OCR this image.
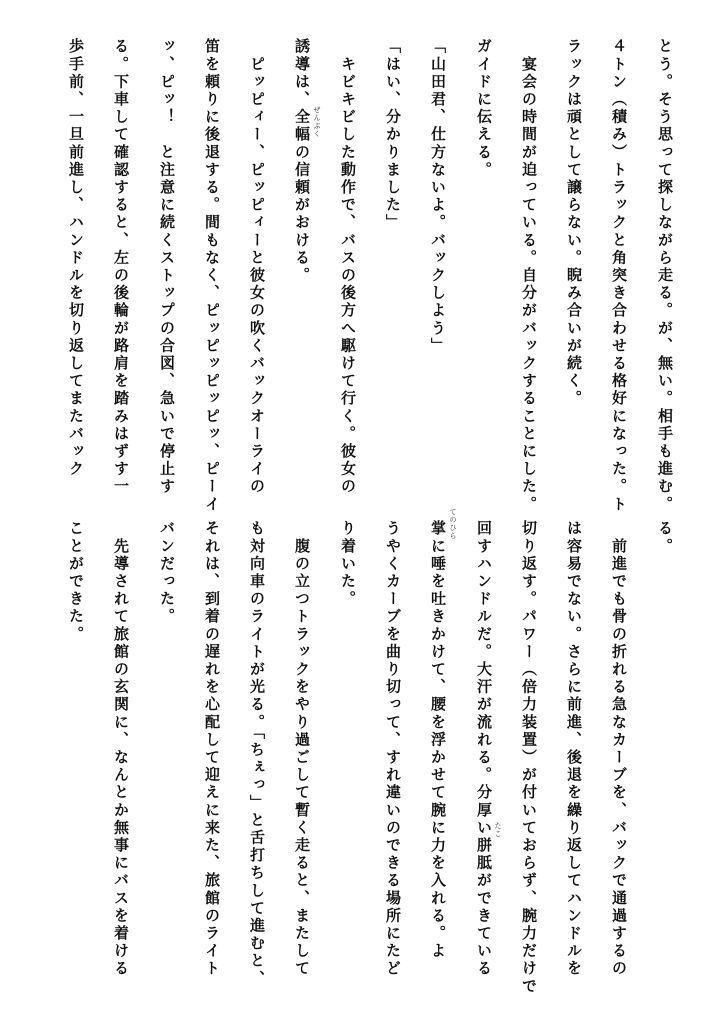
とう。そう思って探しながら走る。が、無い。相手も進む。
４トン（積み）トラックと角突き合わせる格好になった。ト
ラックは頑として譲らない。睨み合いが続く。
　宴会の時間が迫っている。自分がバックすることにした。
ガイドに伝える。
「山田君、仕方ないよ。バックしよう」
「はい、分かりました」
　キビキビした動作で、バスの後方へ駆けて行く。彼女の
誘導は、全幅の信頼がおける。 ぜんぷく
　ピッピィー、ピッピィーと彼女の吹くバックオーライの
笛を頼りに後退する。間もなく、ピッピッピッピッ、ピーイ
ッ、ピッ！　と注意に続くストップの合図、急いで停止す
る。下車して確認すると、左の後輪が路肩を踏みはずす一
歩手前、一旦前進し、ハンドルを切り返してまたバック
る。
　前進でも骨の折れる急なカーブを、バックで通過するの
は容易でない。さらに前進、後退を繰り返してハンドルを
切り返す。パワー（倍力装置）が付いておらず、腕力だけで
回すハンドルだ。大汗が流れる。分厚い胼胝ができている たこ
掌に唾を吐きかけて、腰を浮かせて腕に力を入れる。よ てのひら
うやくカーブを曲り切って、すれ違いのできる場所にたど
り着いた。
　腹の立つトラックをやり過ごして暫く走ると、またして
も対向車のライトが光る。「ちぇっ」と舌打ちして進むと、
それは、到着の遅れを心配して迎えに来た、旅館のライト
バンだった。
　先導されて旅館の玄関に、なんとか無事にバスを着ける
ことができた。
